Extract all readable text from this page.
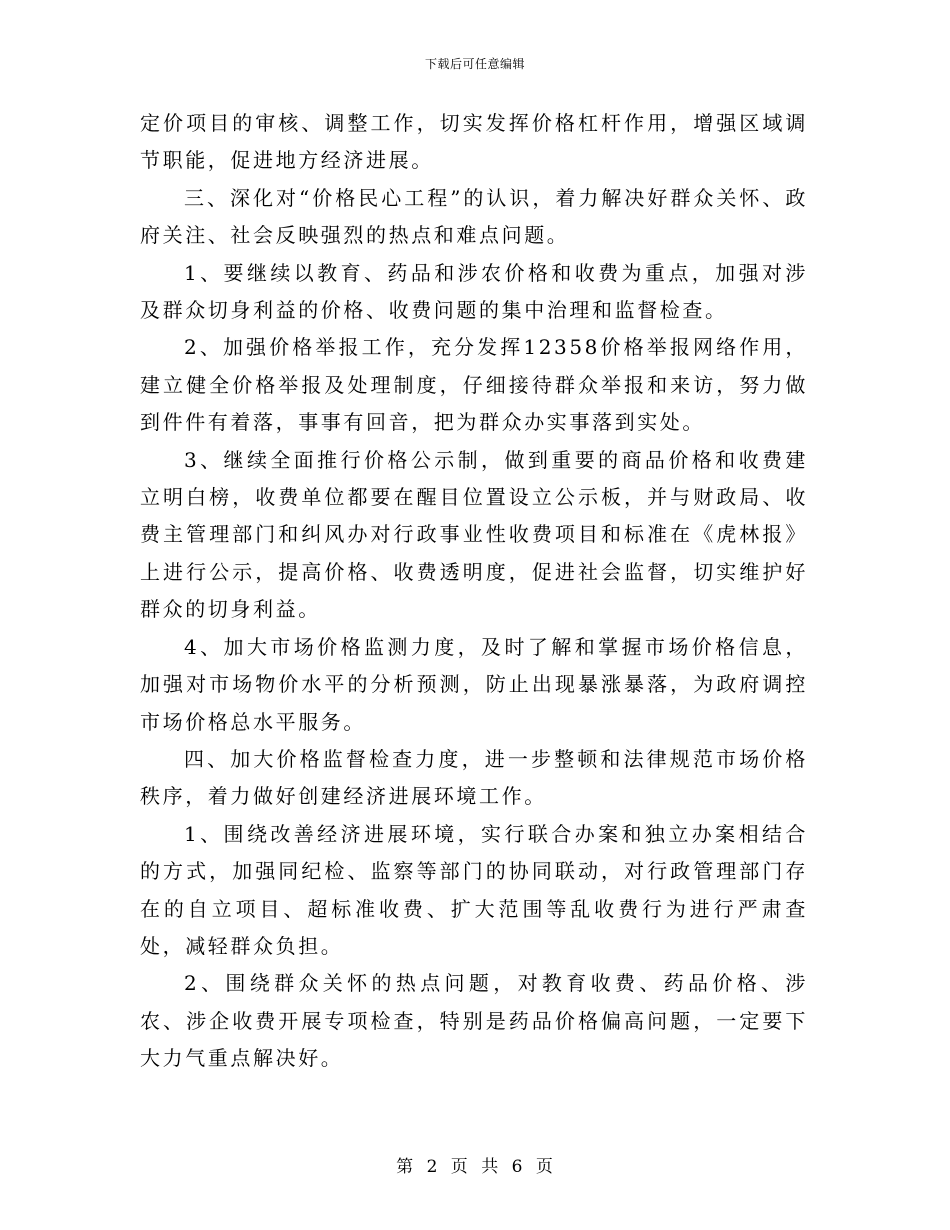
下载后可任意编辑

定价项目的审核、调整工作，切实发挥价格杠杆作用，增强区域调节职能，促进地方经济进展。

三、深化对“价格民心工程”的认识，着力解决好群众关怀、政府关注、社会反映强烈的热点和难点问题。

1、要继续以教育、药品和涉农价格和收费为重点，加强对涉及群众切身利益的价格、收费问题的集中治理和监督检查。

2、加强价格举报工作，充分发挥12358价格举报网络作用，建立健全价格举报及处理制度，仔细接待群众举报和来访，努力做到件件有着落，事事有回音，把为群众办实事落到实处。

3、继续全面推行价格公示制，做到重要的商品价格和收费建立明白榜，收费单位都要在醒目位置设立公示板，并与财政局、收费主管理部门和纠风办对行政事业性收费项目和标准在《虎林报》上进行公示，提高价格、收费透明度，促进社会监督，切实维护好群众的切身利益。

4、加大市场价格监测力度，及时了解和掌握市场价格信息，加强对市场物价水平的分析预测，防止出现暴涨暴落，为政府调控市场价格总水平服务。

四、加大价格监督检查力度，进一步整顿和法律规范市场价格秩序，着力做好创建经济进展环境工作。

1、围绕改善经济进展环境，实行联合办案和独立办案相结合的方式，加强同纪检、监察等部门的协同联动，对行政管理部门存在的自立项目、超标准收费、扩大范围等乱收费行为进行严肃查处，减轻群众负担。

2、围绕群众关怀的热点问题，对教育收费、药品价格、涉农、涉企收费开展专项检查，特别是药品价格偏高问题，一定要下大力气重点解决好。

第 2 页 共 6 页
